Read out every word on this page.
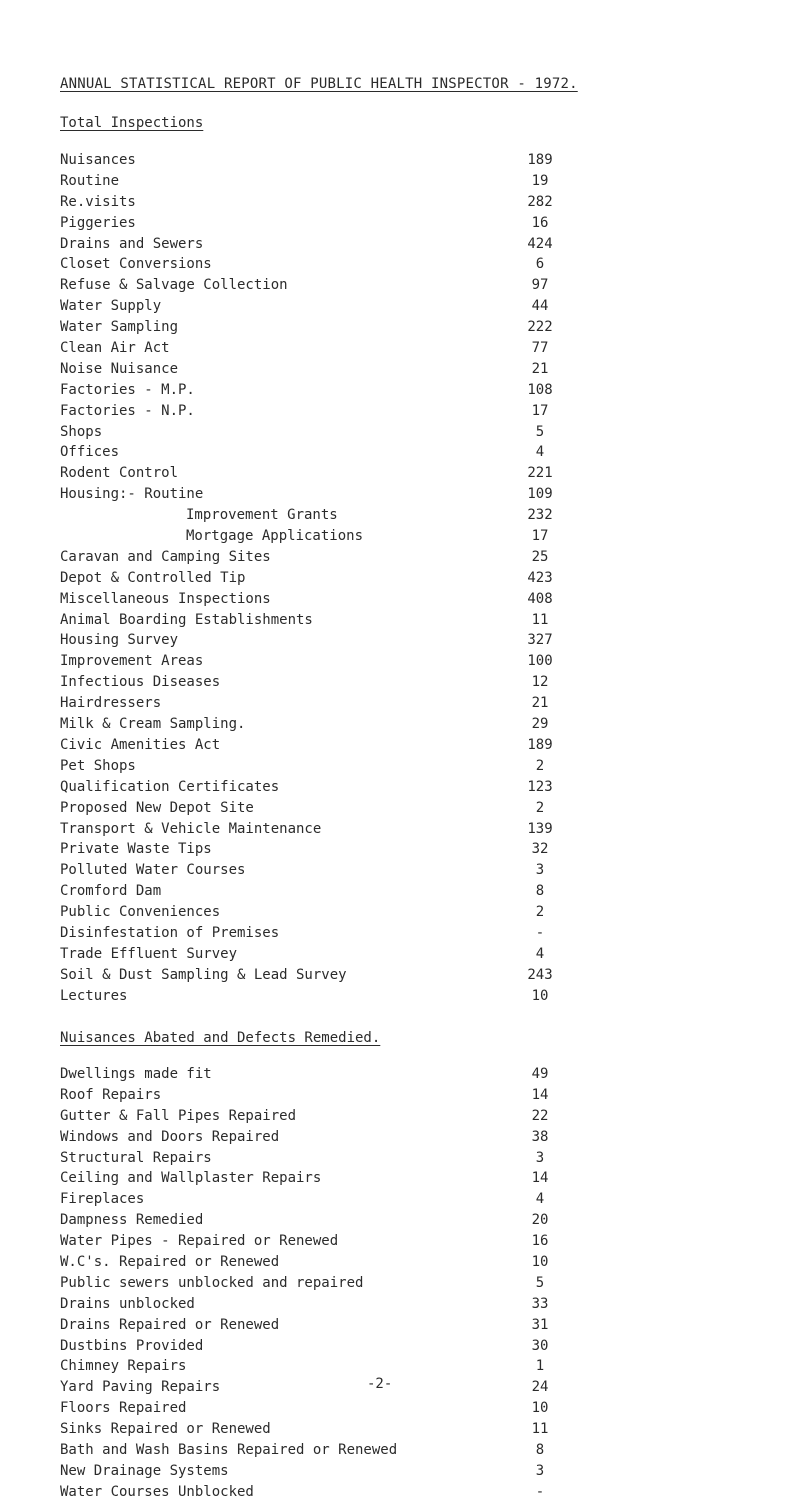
ANNUAL STATISTICAL REPORT OF PUBLIC HEALTH INSPECTOR - 1972.
Total Inspections
Nuisances	189
Routine	19
Re.visits	282
Piggeries	16
Drains and Sewers	424
Closet Conversions	6
Refuse & Salvage Collection	97
Water Supply	44
Water Sampling	222
Clean Air Act	77
Noise Nuisance	21
Factories - M.P.	108
Factories - N.P.	17
Shops	5
Offices	4
Rodent Control	221
Housing:- Routine	109
Improvement Grants	232
Mortgage Applications	17
Caravan and Camping Sites	25
Depot & Controlled Tip	423
Miscellaneous Inspections	408
Animal Boarding Establishments	11
Housing Survey	327
Improvement Areas	100
Infectious Diseases	12
Hairdressers	21
Milk & Cream Sampling.	29
Civic Amenities Act	189
Pet Shops	2
Qualification Certificates	123
Proposed New Depot Site	2
Transport & Vehicle Maintenance	139
Private Waste Tips	32
Polluted Water Courses	3
Cromford Dam	8
Public Conveniences	2
Disinfestation of Premises	-
Trade Effluent Survey	4
Soil & Dust Sampling & Lead Survey	243
Lectures	10
Nuisances Abated and Defects Remedied.
Dwellings made fit	49
Roof Repairs	14
Gutter & Fall Pipes Repaired	22
Windows and Doors Repaired	38
Structural Repairs	3
Ceiling and Wallplaster Repairs	14
Fireplaces	4
Dampness Remedied	20
Water Pipes - Repaired or Renewed	16
W.C's. Repaired or Renewed	10
Public sewers unblocked and repaired	5
Drains unblocked	33
Drains Repaired or Renewed	31
Dustbins Provided	30
Chimney Repairs	1
Yard Paving Repairs	24
Floors Repaired	10
Sinks Repaired or Renewed	11
Bath and Wash Basins Repaired or Renewed	8
New Drainage Systems	3
Water Courses Unblocked	-
-2-
